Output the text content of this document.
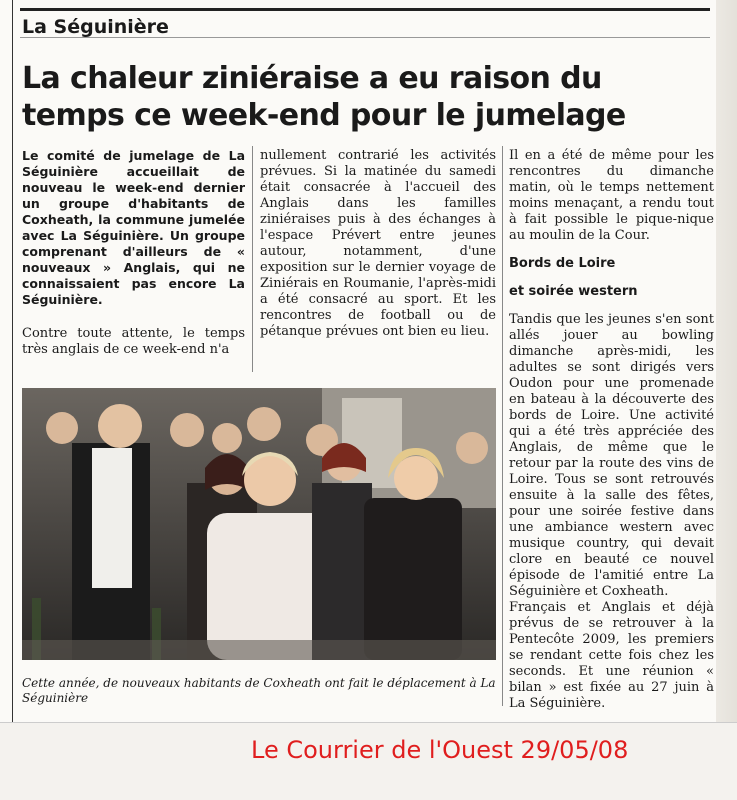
La Séguinière
La chaleur ziniéraise a eu raison du temps ce week-end pour le jumelage

Le comité de jumelage de La Séguinière accueillait de nouveau le week-end dernier un groupe d'habitants de Coxheath, la commune jumelée avec La Séguinière. Un groupe comprenant d'ailleurs de « nouveaux » Anglais, qui ne connaissaient pas encore La Séguinière.

Contre toute attente, le temps très anglais de ce week-end n'a

nullement contrarié les activités prévues. Si la matinée du samedi était consacrée à l'accueil des Anglais dans les familles ziniéraises puis à des échanges à l'espace Prévert entre jeunes autour, notamment, d'une exposition sur le dernier voyage de Ziniérais en Roumanie, l'après-midi a été consacré au sport. Et les rencontres de football ou de pétanque prévues ont bien eu lieu.

Il en a été de même pour les rencontres du dimanche matin, où le temps nettement moins menaçant, a rendu tout à fait possible le pique-nique au moulin de la Cour.

Bords de Loire

et soirée western

Tandis que les jeunes s'en sont allés jouer au bowling dimanche après-midi, les adultes se sont dirigés vers Oudon pour une promenade en bateau à la découverte des bords de Loire. Une activité qui a été très appréciée des Anglais, de même que le retour par la route des vins de Loire. Tous se sont retrouvés ensuite à la salle des fêtes, pour une soirée festive dans une ambiance western avec musique country, qui devait clore en beauté ce nouvel épisode de l'amitié entre La Séguinière et Coxheath.

Français et Anglais et déjà prévus de se retrouver à la Pentecôte 2009, les premiers se rendant cette fois chez les seconds. Et une réunion « bilan » est fixée au 27 juin à La Séguinière.

Cette année, de nouveaux habitants de Coxheath ont fait le déplacement à La Séguinière

Le Courrier de l'Ouest 29/05/08
